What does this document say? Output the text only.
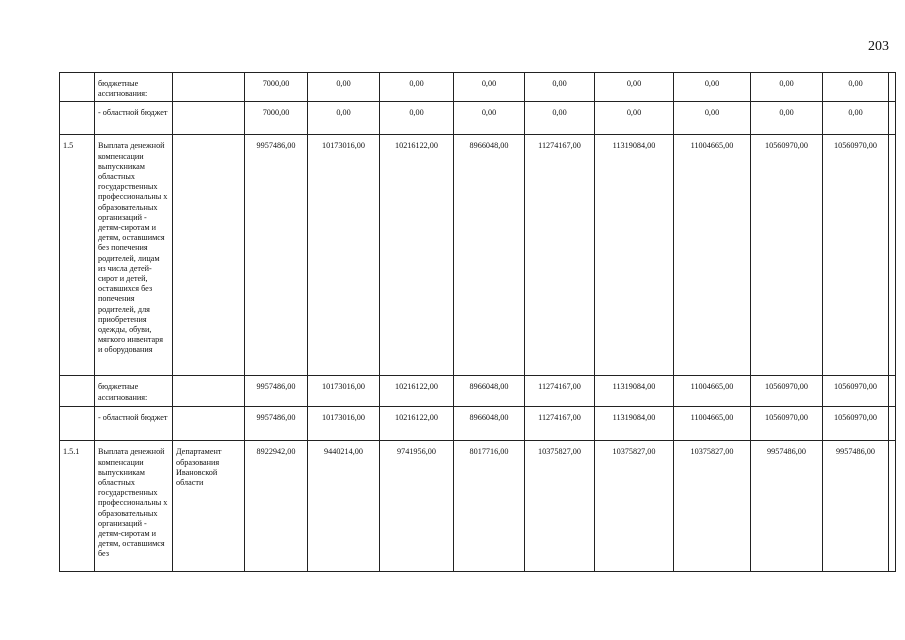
203
	бюджетные ассигнования:		7000,00	0,00	0,00	0,00	0,00	0,00	0,00	0,00	0,00	
	- областной бюджет		7000,00	0,00	0,00	0,00	0,00	0,00	0,00	0,00	0,00	
1.5	Выплата денежной компенсации выпускникам областных государственных профессиональны х образовательных организаций - детям-сиротам и детям, оставшимся без попечения родителей, лицам из числа детей-сирот и детей, оставшихся без попечения родителей, для приобретения одежды, обуви, мягкого инвентаря и оборудования		9957486,00	10173016,00	10216122,00	8966048,00	11274167,00	11319084,00	11004665,00	10560970,00	10560970,00	
	бюджетные ассигнования:		9957486,00	10173016,00	10216122,00	8966048,00	11274167,00	11319084,00	11004665,00	10560970,00	10560970,00	
	- областной бюджет		9957486,00	10173016,00	10216122,00	8966048,00	11274167,00	11319084,00	11004665,00	10560970,00	10560970,00	
1.5.1	Выплата денежной компенсации выпускникам областных государственных профессиональны х образовательных организаций - детям-сиротам и детям, оставшимся без	Департамент образования Ивановской области	8922942,00	9440214,00	9741956,00	8017716,00	10375827,00	10375827,00	10375827,00	9957486,00	9957486,00	
